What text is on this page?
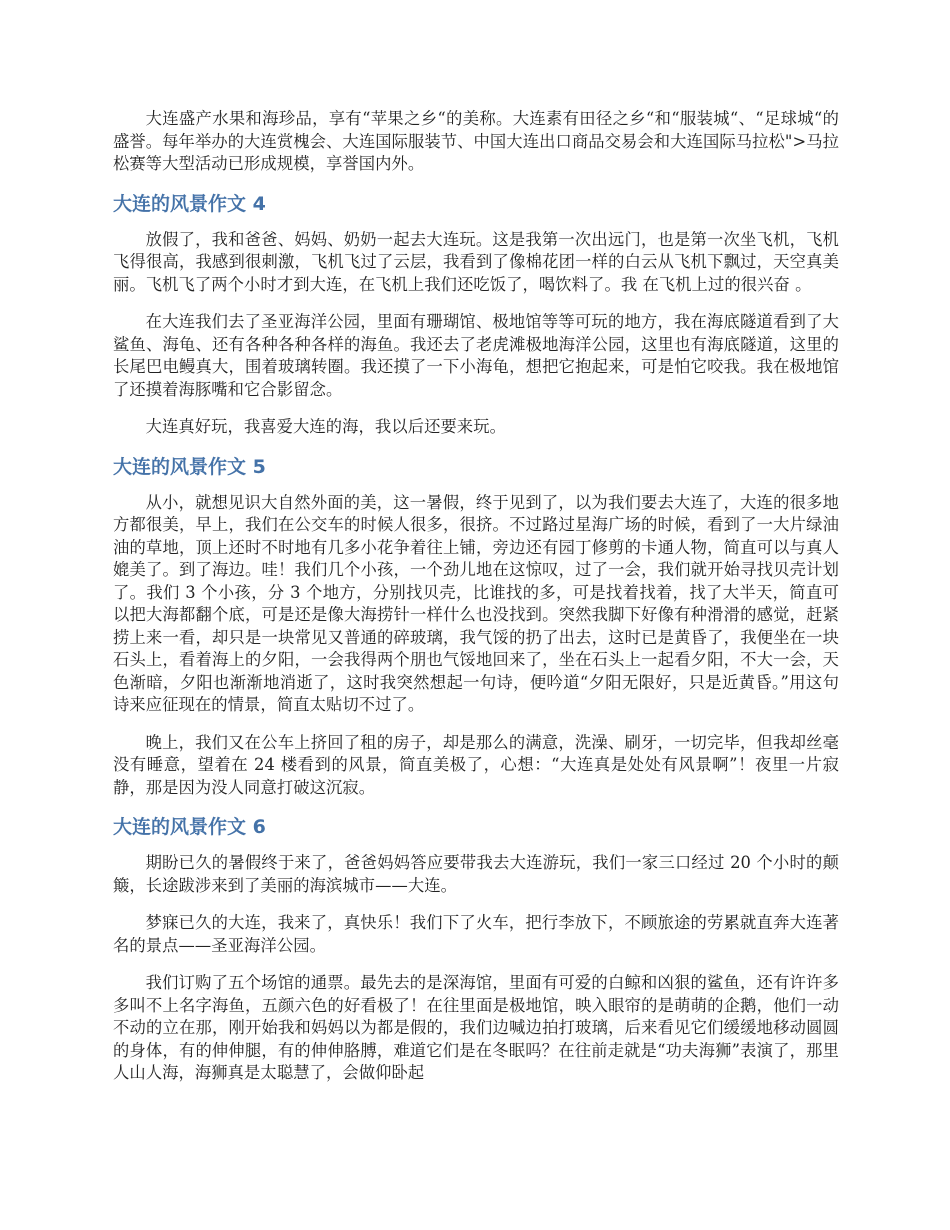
大连盛产水果和海珍品，享有“苹果之乡“的美称。大连素有田径之乡“和“服装城“、“足球城“的盛誉。每年举办的大连赏槐会、大连国际服装节、中国大连出口商品交易会和大连国际马拉松">马拉松赛等大型活动已形成规模，享誉国内外。

大连的风景作文 4

放假了，我和爸爸、妈妈、奶奶一起去大连玩。这是我第一次出远门，也是第一次坐飞机，飞机飞得很高，我感到很刺激，飞机飞过了云层，我看到了像棉花团一样的白云从飞机下飘过，天空真美丽。飞机飞了两个小时才到大连，在飞机上我们还吃饭了，喝饮料了。我 在飞机上过的很兴奋 。

在大连我们去了圣亚海洋公园，里面有珊瑚馆、极地馆等等可玩的地方，我在海底隧道看到了大鲨鱼、海龟、还有各种各种各样的海鱼。我还去了老虎滩极地海洋公园，这里也有海底隧道，这里的长尾巴电鳗真大，围着玻璃转圈。我还摸了一下小海龟，想把它抱起来，可是怕它咬我。我在极地馆了还摸着海豚嘴和它合影留念。

大连真好玩，我喜爱大连的海，我以后还要来玩。

大连的风景作文 5

从小，就想见识大自然外面的美，这一暑假，终于见到了，以为我们要去大连了，大连的很多地方都很美，早上，我们在公交车的时候人很多，很挤。不过路过星海广场的时候，看到了一大片绿油油的草地，顶上还时不时地有几多小花争着往上铺，旁边还有园丁修剪的卡通人物，简直可以与真人媲美了。到了海边。哇！我们几个小孩，一个劲儿地在这惊叹，过了一会，我们就开始寻找贝壳计划了。我们 3 个小孩，分 3 个地方，分别找贝壳，比谁找的多，可是找着找着，找了大半天，简直可以把大海都翻个底，可是还是像大海捞针一样什么也没找到。突然我脚下好像有种滑滑的感觉，赶紧捞上来一看，却只是一块常见又普通的碎玻璃，我气馁的扔了出去，这时已是黄昏了，我便坐在一块石头上，看着海上的夕阳，一会我得两个朋也气馁地回来了，坐在石头上一起看夕阳，不大一会，天色渐暗，夕阳也渐渐地消逝了，这时我突然想起一句诗，便吟道“夕阳无限好，只是近黄昏。”用这句诗来应征现在的情景，简直太贴切不过了。

晚上，我们又在公车上挤回了租的房子，却是那么的满意，洗澡、刷牙，一切完毕，但我却丝毫没有睡意，望着在 24 楼看到的风景，简直美极了，心想：“大连真是处处有风景啊”！夜里一片寂静，那是因为没人同意打破这沉寂。

大连的风景作文 6

期盼已久的暑假终于来了，爸爸妈妈答应要带我去大连游玩，我们一家三口经过 20 个小时的颠簸，长途跋涉来到了美丽的海滨城市——大连。

梦寐已久的大连，我来了，真快乐！我们下了火车，把行李放下，不顾旅途的劳累就直奔大连著名的景点——圣亚海洋公园。

我们订购了五个场馆的通票。最先去的是深海馆，里面有可爱的白鲸和凶狠的鲨鱼，还有许许多多叫不上名字海鱼，五颜六色的好看极了！在往里面是极地馆，映入眼帘的是萌萌的企鹅，他们一动不动的立在那，刚开始我和妈妈以为都是假的，我们边喊边拍打玻璃，后来看见它们缓缓地移动圆圆的身体，有的伸伸腿，有的伸伸胳膊，难道它们是在冬眠吗？在往前走就是“功夫海狮”表演了，那里人山人海，海狮真是太聪慧了，会做仰卧起
